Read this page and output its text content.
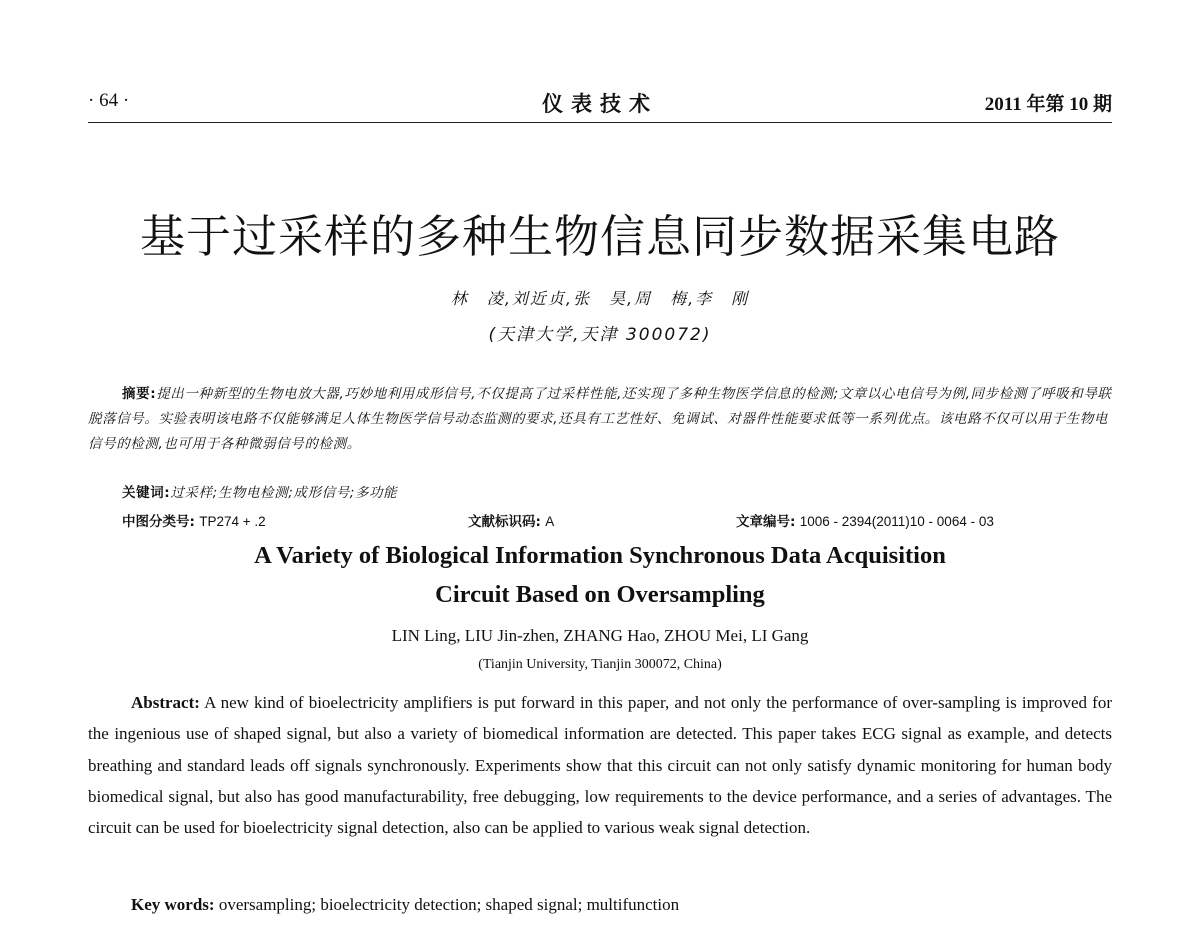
· 64 ·	仪表技术	2011 年第 10 期
基于过采样的多种生物信息同步数据采集电路
林　凌,刘近贞,张　昊,周　梅,李　刚
(天津大学,天津 300072)
摘要:提出一种新型的生物电放大器,巧妙地利用成形信号,不仅提高了过采样性能,还实现了多种生物医学信息的检测;文章以心电信号为例,同步检测了呼吸和导联脱落信号。实验表明该电路不仅能够满足人体生物医学信号动态监测的要求,还具有工艺性好、免调试、对器件性能要求低等一系列优点。该电路不仅可以用于生物电信号的检测,也可用于各种微弱信号的检测。
关键词:过采样;生物电检测;成形信号;多功能
中图分类号: TP274 + .2	文献标识码: A	文章编号: 1006 - 2394(2011)10 - 0064 - 03
A Variety of Biological Information Synchronous Data Acquisition
Circuit Based on Oversampling
LIN Ling, LIU Jin-zhen, ZHANG Hao, ZHOU Mei, LI Gang
(Tianjin University, Tianjin 300072, China)
Abstract: A new kind of bioelectricity amplifiers is put forward in this paper, and not only the performance of over-sampling is improved for the ingenious use of shaped signal, but also a variety of biomedical information are detected. This paper takes ECG signal as example, and detects breathing and standard leads off signals synchronously. Experiments show that this circuit can not only satisfy dynamic monitoring for human body biomedical signal, but also has good manufacturability, free debugging, low requirements to the device performance, and a series of advantages. The circuit can be used for bioelectricity signal detection, also can be applied to various weak signal detection.
Key words: oversampling; bioelectricity detection; shaped signal; multifunction
